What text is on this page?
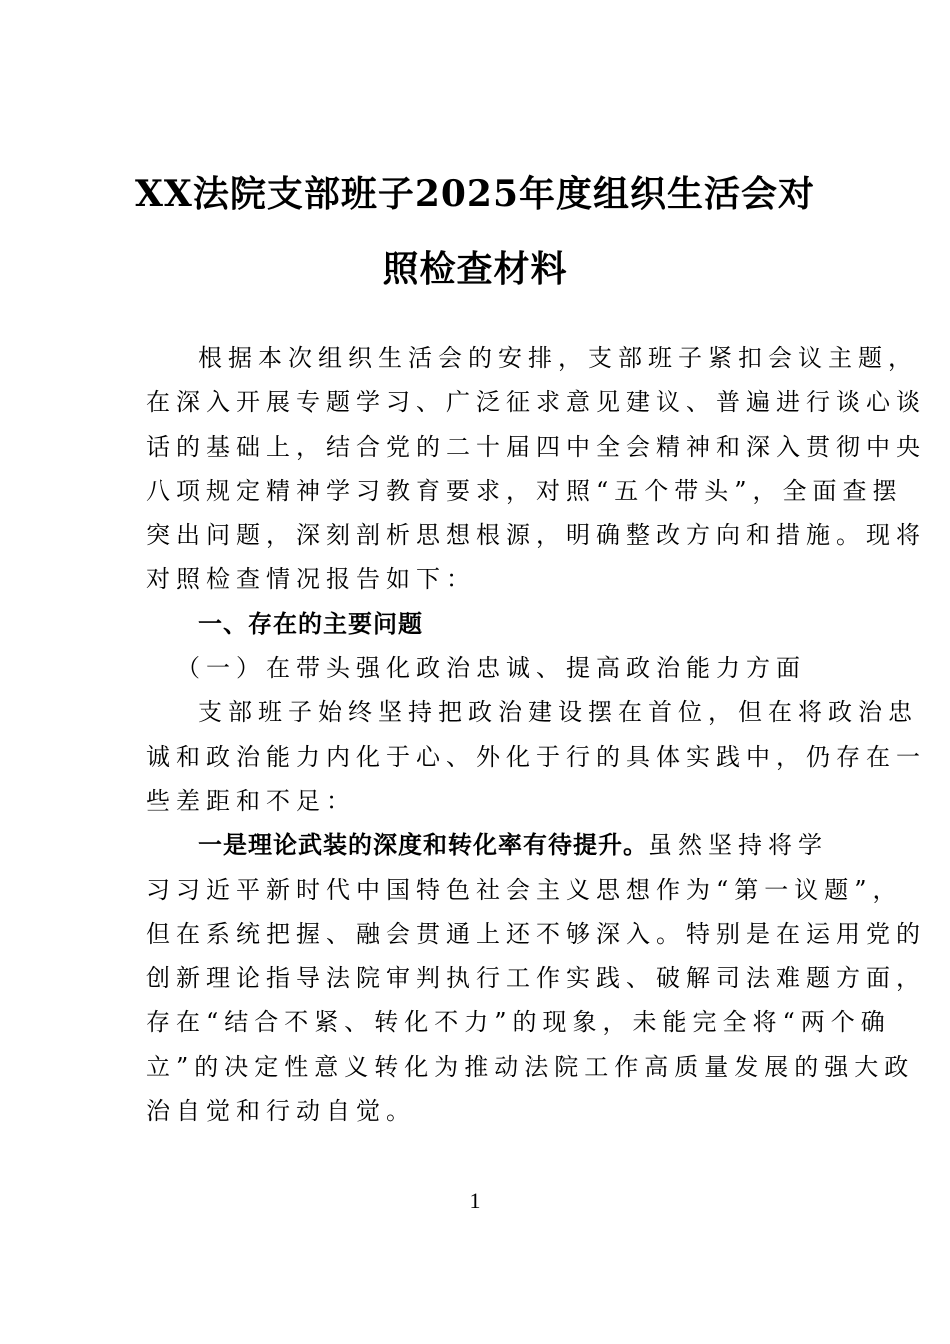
XX法院支部班子2025年度组织生活会对
照检查材料
根据本次组织生活会的安排，支部班子紧扣会议主题，
在深入开展专题学习、广泛征求意见建议、普遍进行谈心谈
话的基础上，结合党的二十届四中全会精神和深入贯彻中央
八项规定精神学习教育要求，对照“五个带头”，全面查摆
突出问题，深刻剖析思想根源，明确整改方向和措施。现将
对照检查情况报告如下：
一、存在的主要问题
（一）在带头强化政治忠诚、提高政治能力方面
支部班子始终坚持把政治建设摆在首位，但在将政治忠
诚和政治能力内化于心、外化于行的具体实践中，仍存在一
些差距和不足：
一是理论武装的深度和转化率有待提升。虽然坚持将学
习习近平新时代中国特色社会主义思想作为“第一议题”，
但在系统把握、融会贯通上还不够深入。特别是在运用党的
创新理论指导法院审判执行工作实践、破解司法难题方面，
存在“结合不紧、转化不力”的现象，未能完全将“两个确
立”的决定性意义转化为推动法院工作高质量发展的强大政
治自觉和行动自觉。
1
